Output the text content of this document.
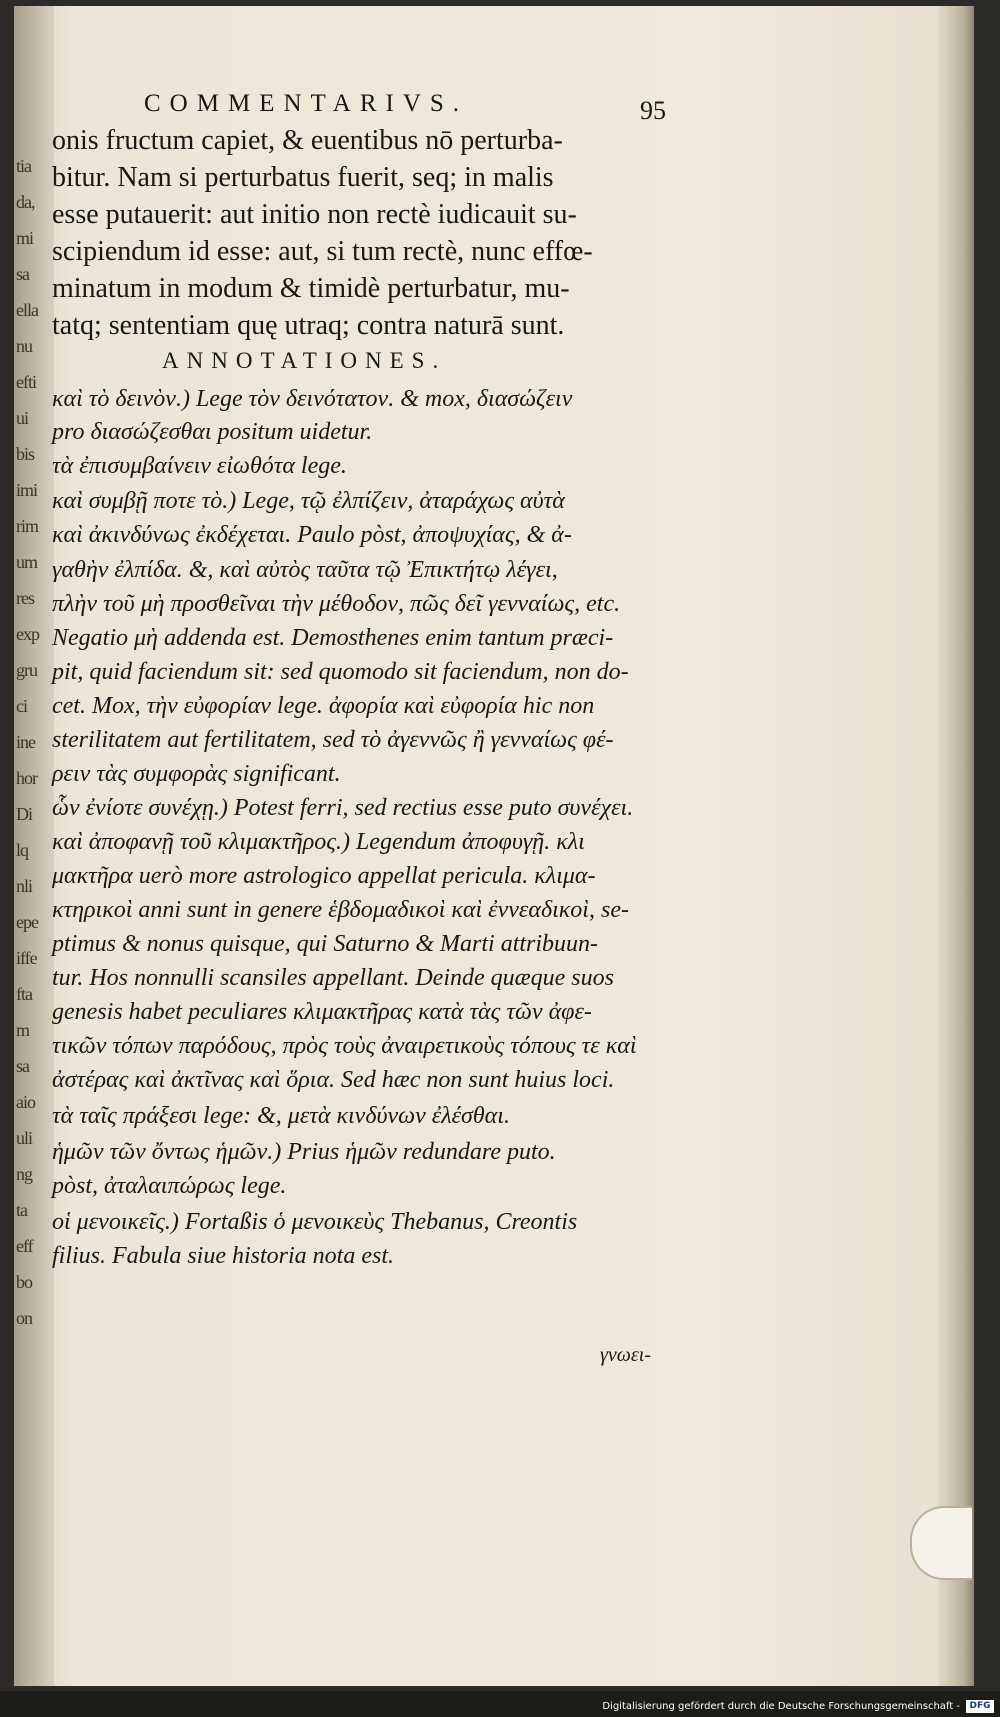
COMMENTARIVS.	95
onis fructum capiet, & euentibus nō perturba-
bitur. Nam si perturbatus fuerit, seq; in malis
esse putauerit: aut initio non rectè iudicauit su-
scipiendum id esse: aut, si tum rectè, nunc effœ-
minatum in modum & timidè perturbatur, mu-
tatq; sententiam quę utraq; contra naturā sunt.
ANNOTATIONES.
καὶ τὸ δεινὸν.) Lege τὸν δεινότατον. & mox, διασώζειν
pro διασώζεσθαι positum uidetur.
τὰ ἐπισυμβαίνειν εἰωθότα lege.
καὶ συμβῇ ποτε τὸ.) Lege, τῷ ἐλπίζειν, ἀταράχως αὐτὰ
καὶ ἀκινδύνως ἐκδέχεται. Paulo pòst, ἀποψυχίας, & ἀ-
γαθὴν ἐλπίδα. &, καὶ αὐτὸς ταῦτα τῷ Ἐπικτήτῳ λέγει,
πλὴν τοῦ μὴ προσθεῖναι τὴν μέθοδον, πῶς δεῖ γενναίως, etc.
Negatio μὴ addenda est. Demosthenes enim tantum præci-
pit, quid faciendum sit: sed quomodo sit faciendum, non do-
cet. Mox, τὴν εὐφορίαν lege. ἀφορία καὶ εὐφορία hic non
sterilitatem aut fertilitatem, sed τὸ ἀγεννῶς ἢ γενναίως φέ-
ρειν τὰς συμφορὰς significant.
ὧν ἐνίοτε συνέχῃ.) Potest ferri, sed rectius esse puto συνέχει.
καὶ ἀποφανῇ τοῦ κλιμακτῆρος.) Legendum ἀποφυγῇ. κλι
μακτῆρα uerò more astrologico appellat pericula. κλιμα-
κτηρικοὶ anni sunt in genere ἑβδομαδικοὶ καὶ ἐννεαδικοὶ, se-
ptimus & nonus quisque, qui Saturno & Marti attribuun-
tur. Hos nonnulli scansiles appellant. Deinde quæque suos
genesis habet peculiares κλιμακτῆρας κατὰ τὰς τῶν ἀφε-
τικῶν τόπων παρόδους, πρὸς τοὺς ἀναιρετικοὺς τόπους τε καὶ
ἀστέρας καὶ ἀκτῖνας καὶ ὅρια. Sed hæc non sunt huius loci.
τὰ ταῖς πράξεσι lege: &, μετὰ κινδύνων ἐλέσθαι.
ἡμῶν τῶν ὄντως ἡμῶν.) Prius ἡμῶν redundare puto.
pòst, ἀταλαιπώρως lege.
οἱ μενοικεῖς.) Fortaßis ὁ μενοικεὺς Thebanus, Creontis
filius. Fabula siue historia nota est.
γνωει-
tia
da,
mi
sa
ella
nu
efti
ui
bis
imi
rim
um
res
exp
gru
ci
ine
hor
Di
lq
nli
epe
iffe
fta
m
sa
aio
uli
ng
ta
eff
bo
on
Digitalisierung gefördert durch die Deutsche Forschungsgemeinschaft -	DFG
